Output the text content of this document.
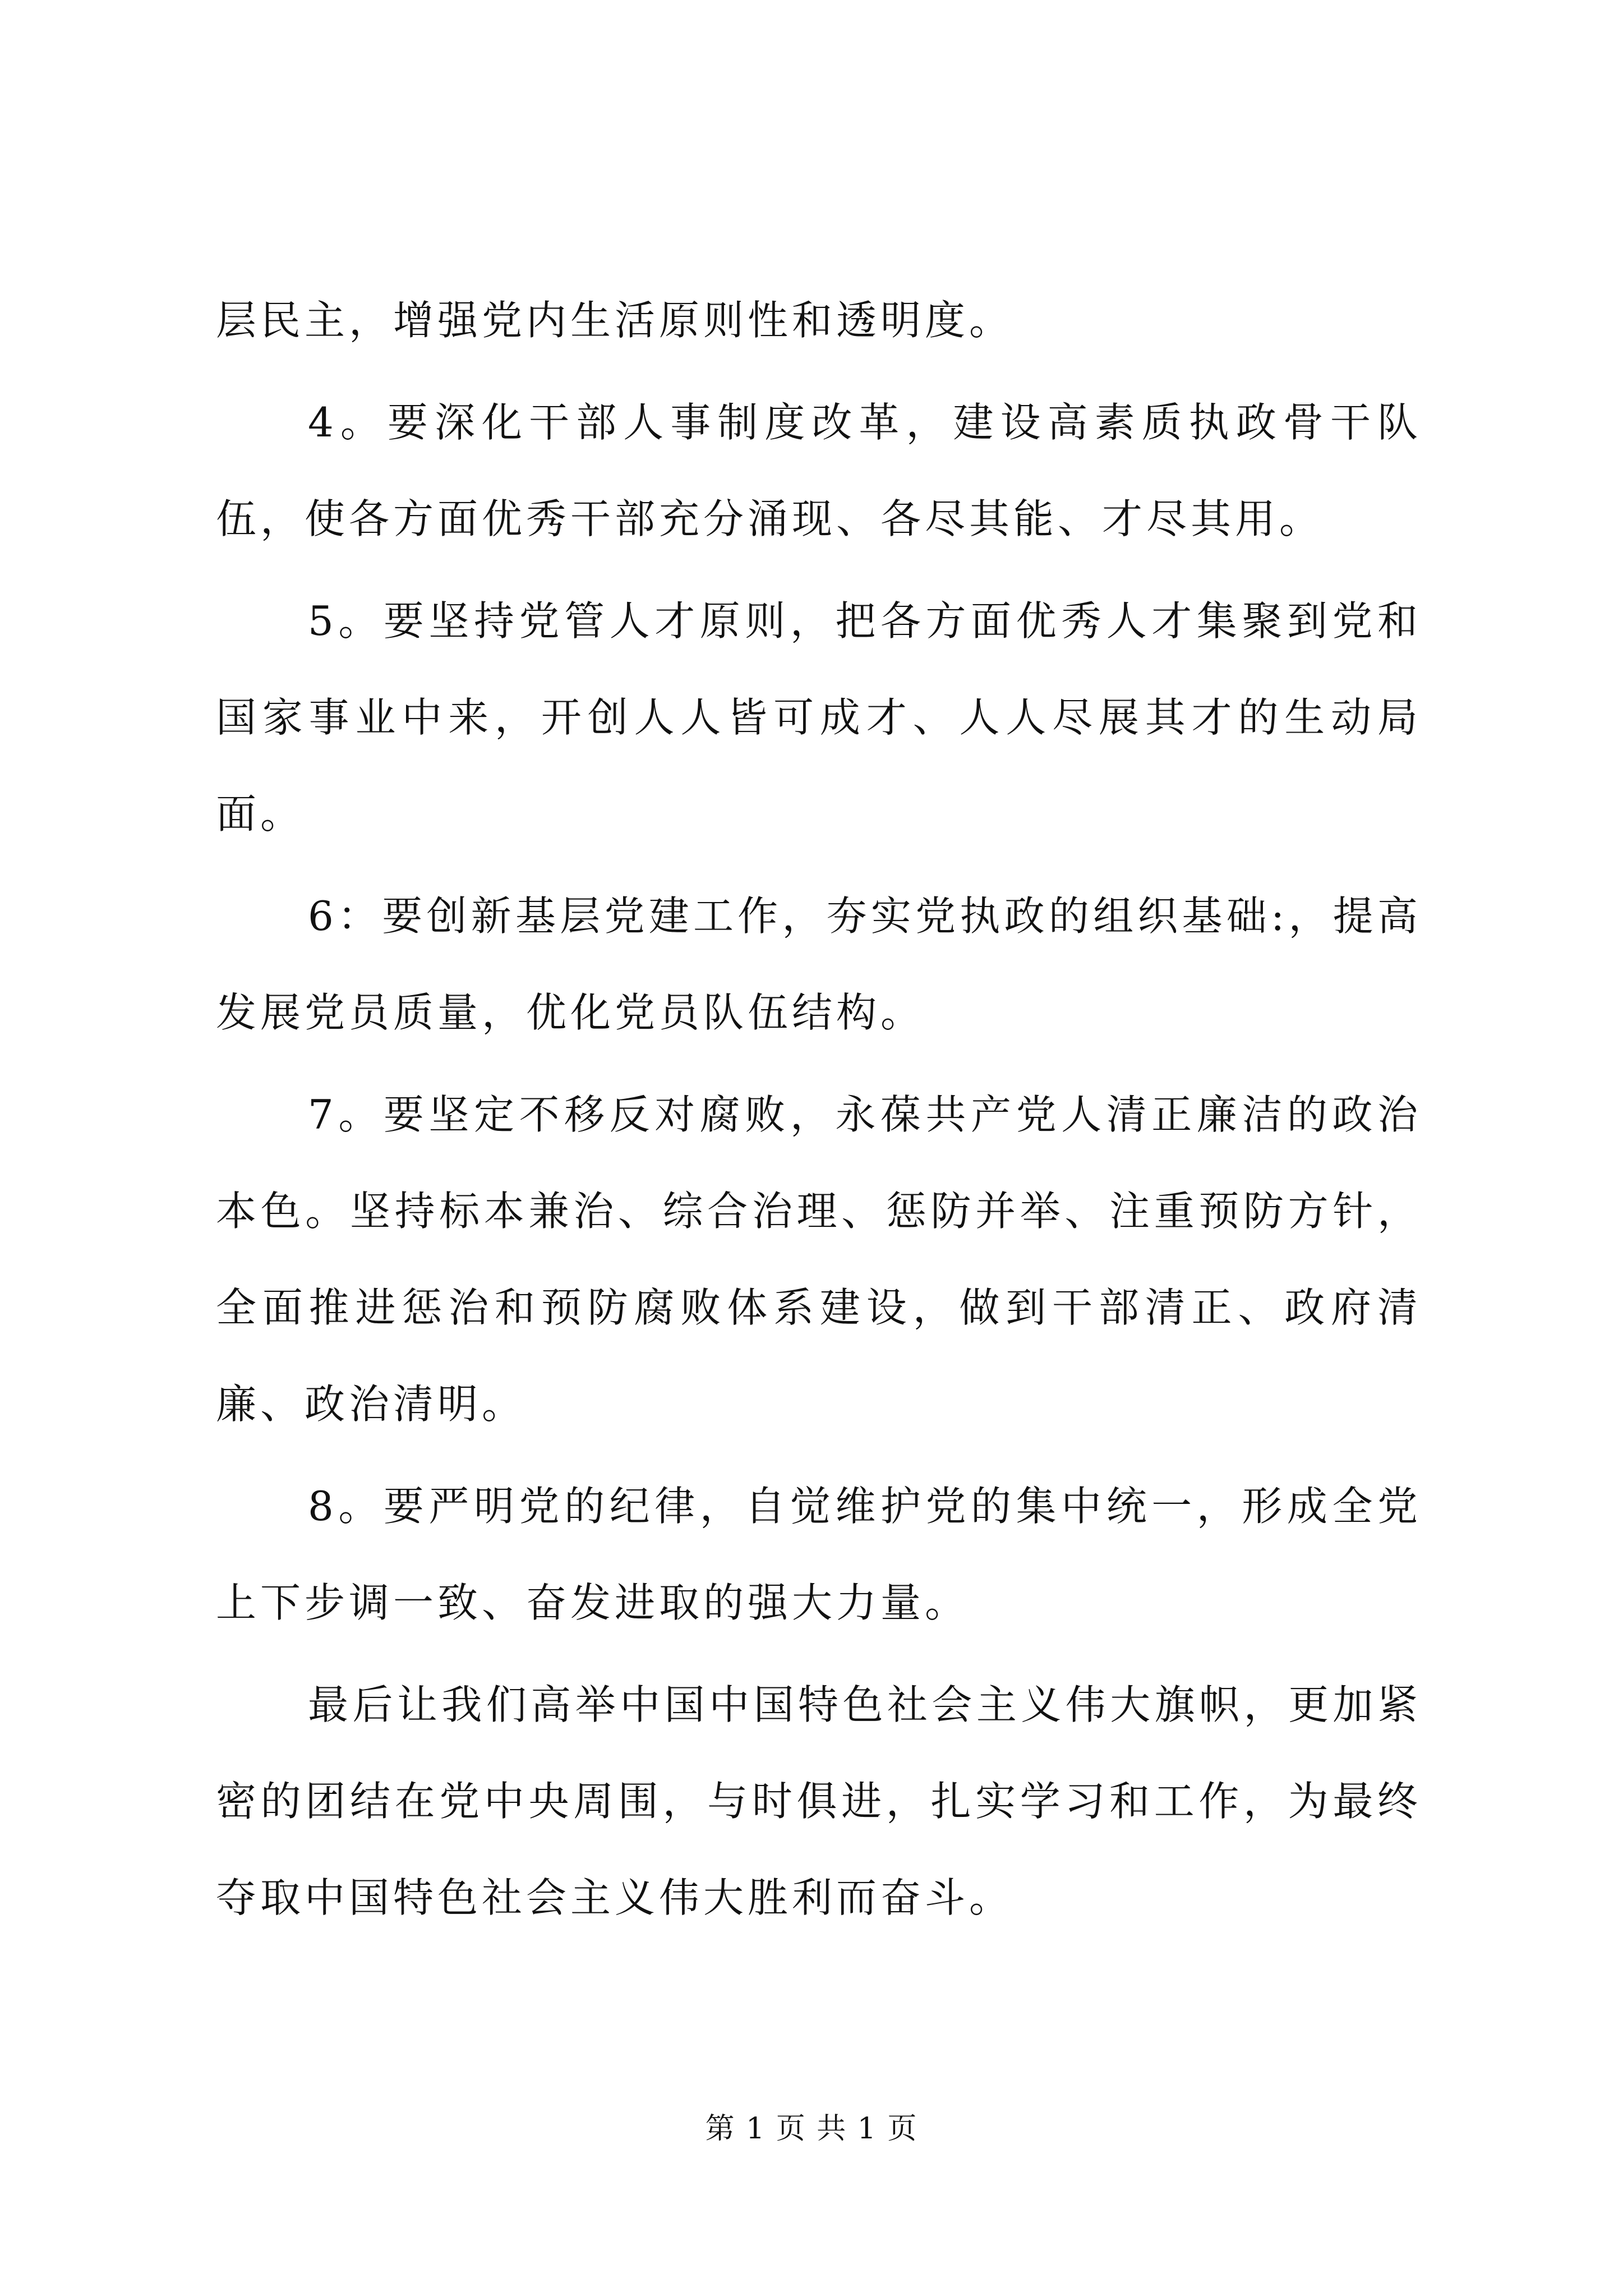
层民主，增强党内生活原则性和透明度。

4。要深化干部人事制度改革，建设高素质执政骨干队伍，使各方面优秀干部充分涌现、各尽其能、才尽其用。

5。要坚持党管人才原则，把各方面优秀人才集聚到党和国家事业中来，开创人人皆可成才、人人尽展其才的生动局面。

6：要创新基层党建工作，夯实党执政的组织基础:，提高发展党员质量，优化党员队伍结构。

7。要坚定不移反对腐败，永葆共产党人清正廉洁的政治本色。坚持标本兼治、综合治理、惩防并举、注重预防方针，全面推进惩治和预防腐败体系建设，做到干部清正、政府清廉、政治清明。

8。要严明党的纪律，自觉维护党的集中统一，形成全党上下步调一致、奋发进取的强大力量。

最后让我们高举中国中国特色社会主义伟大旗帜，更加紧密的团结在党中央周围，与时俱进，扎实学习和工作，为最终夺取中国特色社会主义伟大胜利而奋斗。

第 1 页 共 1 页
